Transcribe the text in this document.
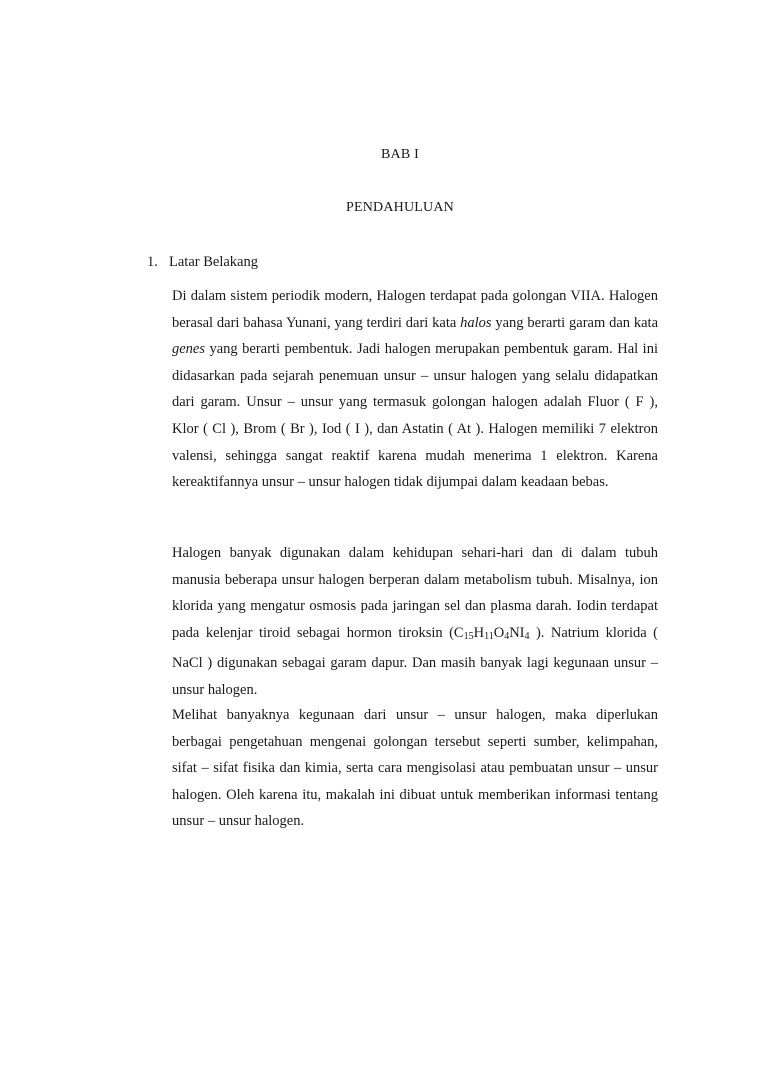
BAB I
PENDAHULUAN
1. Latar Belakang

Di dalam sistem periodik modern, Halogen terdapat pada golongan VIIA. Halogen berasal dari bahasa Yunani, yang terdiri dari kata halos yang berarti garam dan kata genes yang berarti pembentuk. Jadi halogen merupakan pembentuk garam. Hal ini didasarkan pada sejarah penemuan unsur – unsur halogen yang selalu didapatkan dari garam. Unsur – unsur yang termasuk golongan halogen adalah Fluor ( F ), Klor ( Cl ), Brom ( Br ), Iod ( I ), dan Astatin ( At ). Halogen memiliki 7 elektron valensi, sehingga sangat reaktif karena mudah menerima 1 elektron. Karena kereaktifannya unsur – unsur halogen tidak dijumpai dalam keadaan bebas.

Halogen banyak digunakan dalam kehidupan sehari-hari dan di dalam tubuh manusia beberapa unsur halogen berperan dalam metabolism tubuh. Misalnya, ion klorida yang mengatur osmosis pada jaringan sel dan plasma darah. Iodin terdapat pada kelenjar tiroid sebagai hormon tiroksin ($C_{15}H_{11}O_4NI_4$ ). Natrium klorida ( NaCl ) digunakan sebagai garam dapur. Dan masih banyak lagi kegunaan unsur – unsur halogen.

Melihat banyaknya kegunaan dari unsur – unsur halogen, maka diperlukan berbagai pengetahuan mengenai golongan tersebut seperti sumber, kelimpahan, sifat – sifat fisika dan kimia, serta cara mengisolasi atau pembuatan unsur – unsur halogen. Oleh karena itu, makalah ini dibuat untuk memberikan informasi tentang unsur – unsur halogen.
